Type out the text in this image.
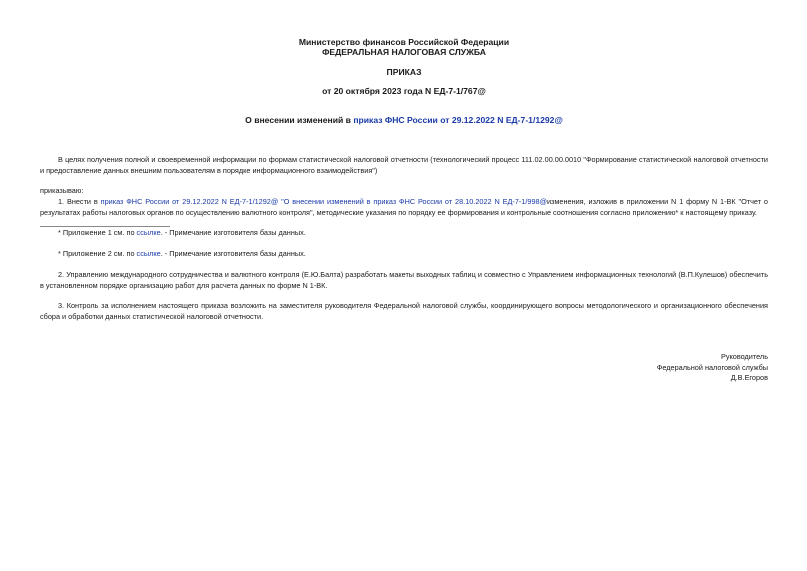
Министерство финансов Российской Федерации

ФЕДЕРАЛЬНАЯ НАЛОГОВАЯ СЛУЖБА

ПРИКАЗ

от 20 октября 2023 года N ЕД-7-1/767@

О внесении изменений в приказ ФНС России от 29.12.2022 N ЕД-7-1/1292@

В целях получения полной и своевременной информации по формам статистической налоговой отчетности (технологический процесс 111.02.00.00.0010 "Формирование статистической налоговой отчетности и предоставление данных внешним пользователям в порядке информационного взаимодействия")

приказываю:

1. Внести в приказ ФНС России от 29.12.2022 N ЕД-7-1/1292@ "О внесении изменений в приказ ФНС России от 28.10.2022 N ЕД-7-1/998@изменения, изложив в приложении N 1 форму N 1-ВК "Отчет о результатах работы налоговых органов по осуществлению валютного контроля", методические указания по порядку ее формирования и контрольные соотношения согласно приложению* к настоящему приказу.

* Приложение 1 см. по ссылке. - Примечание изготовителя базы данных.

* Приложение 2 см. по ссылке. - Примечание изготовителя базы данных.

2. Управлению международного сотрудничества и валютного контроля (Е.Ю.Балта) разработать макеты выходных таблиц и совместно с Управлением информационных технологий (В.П.Кулешов) обеспечить в установленном порядке организацию работ для расчета данных по форме N 1-ВК.

3. Контроль за исполнением настоящего приказа возложить на заместителя руководителя Федеральной налоговой службы, координирующего вопросы методологического и организационного обеспечения сбора и обработки данных статистической налоговой отчетности.

Руководитель
Федеральной налоговой службы
Д.В.Егоров
